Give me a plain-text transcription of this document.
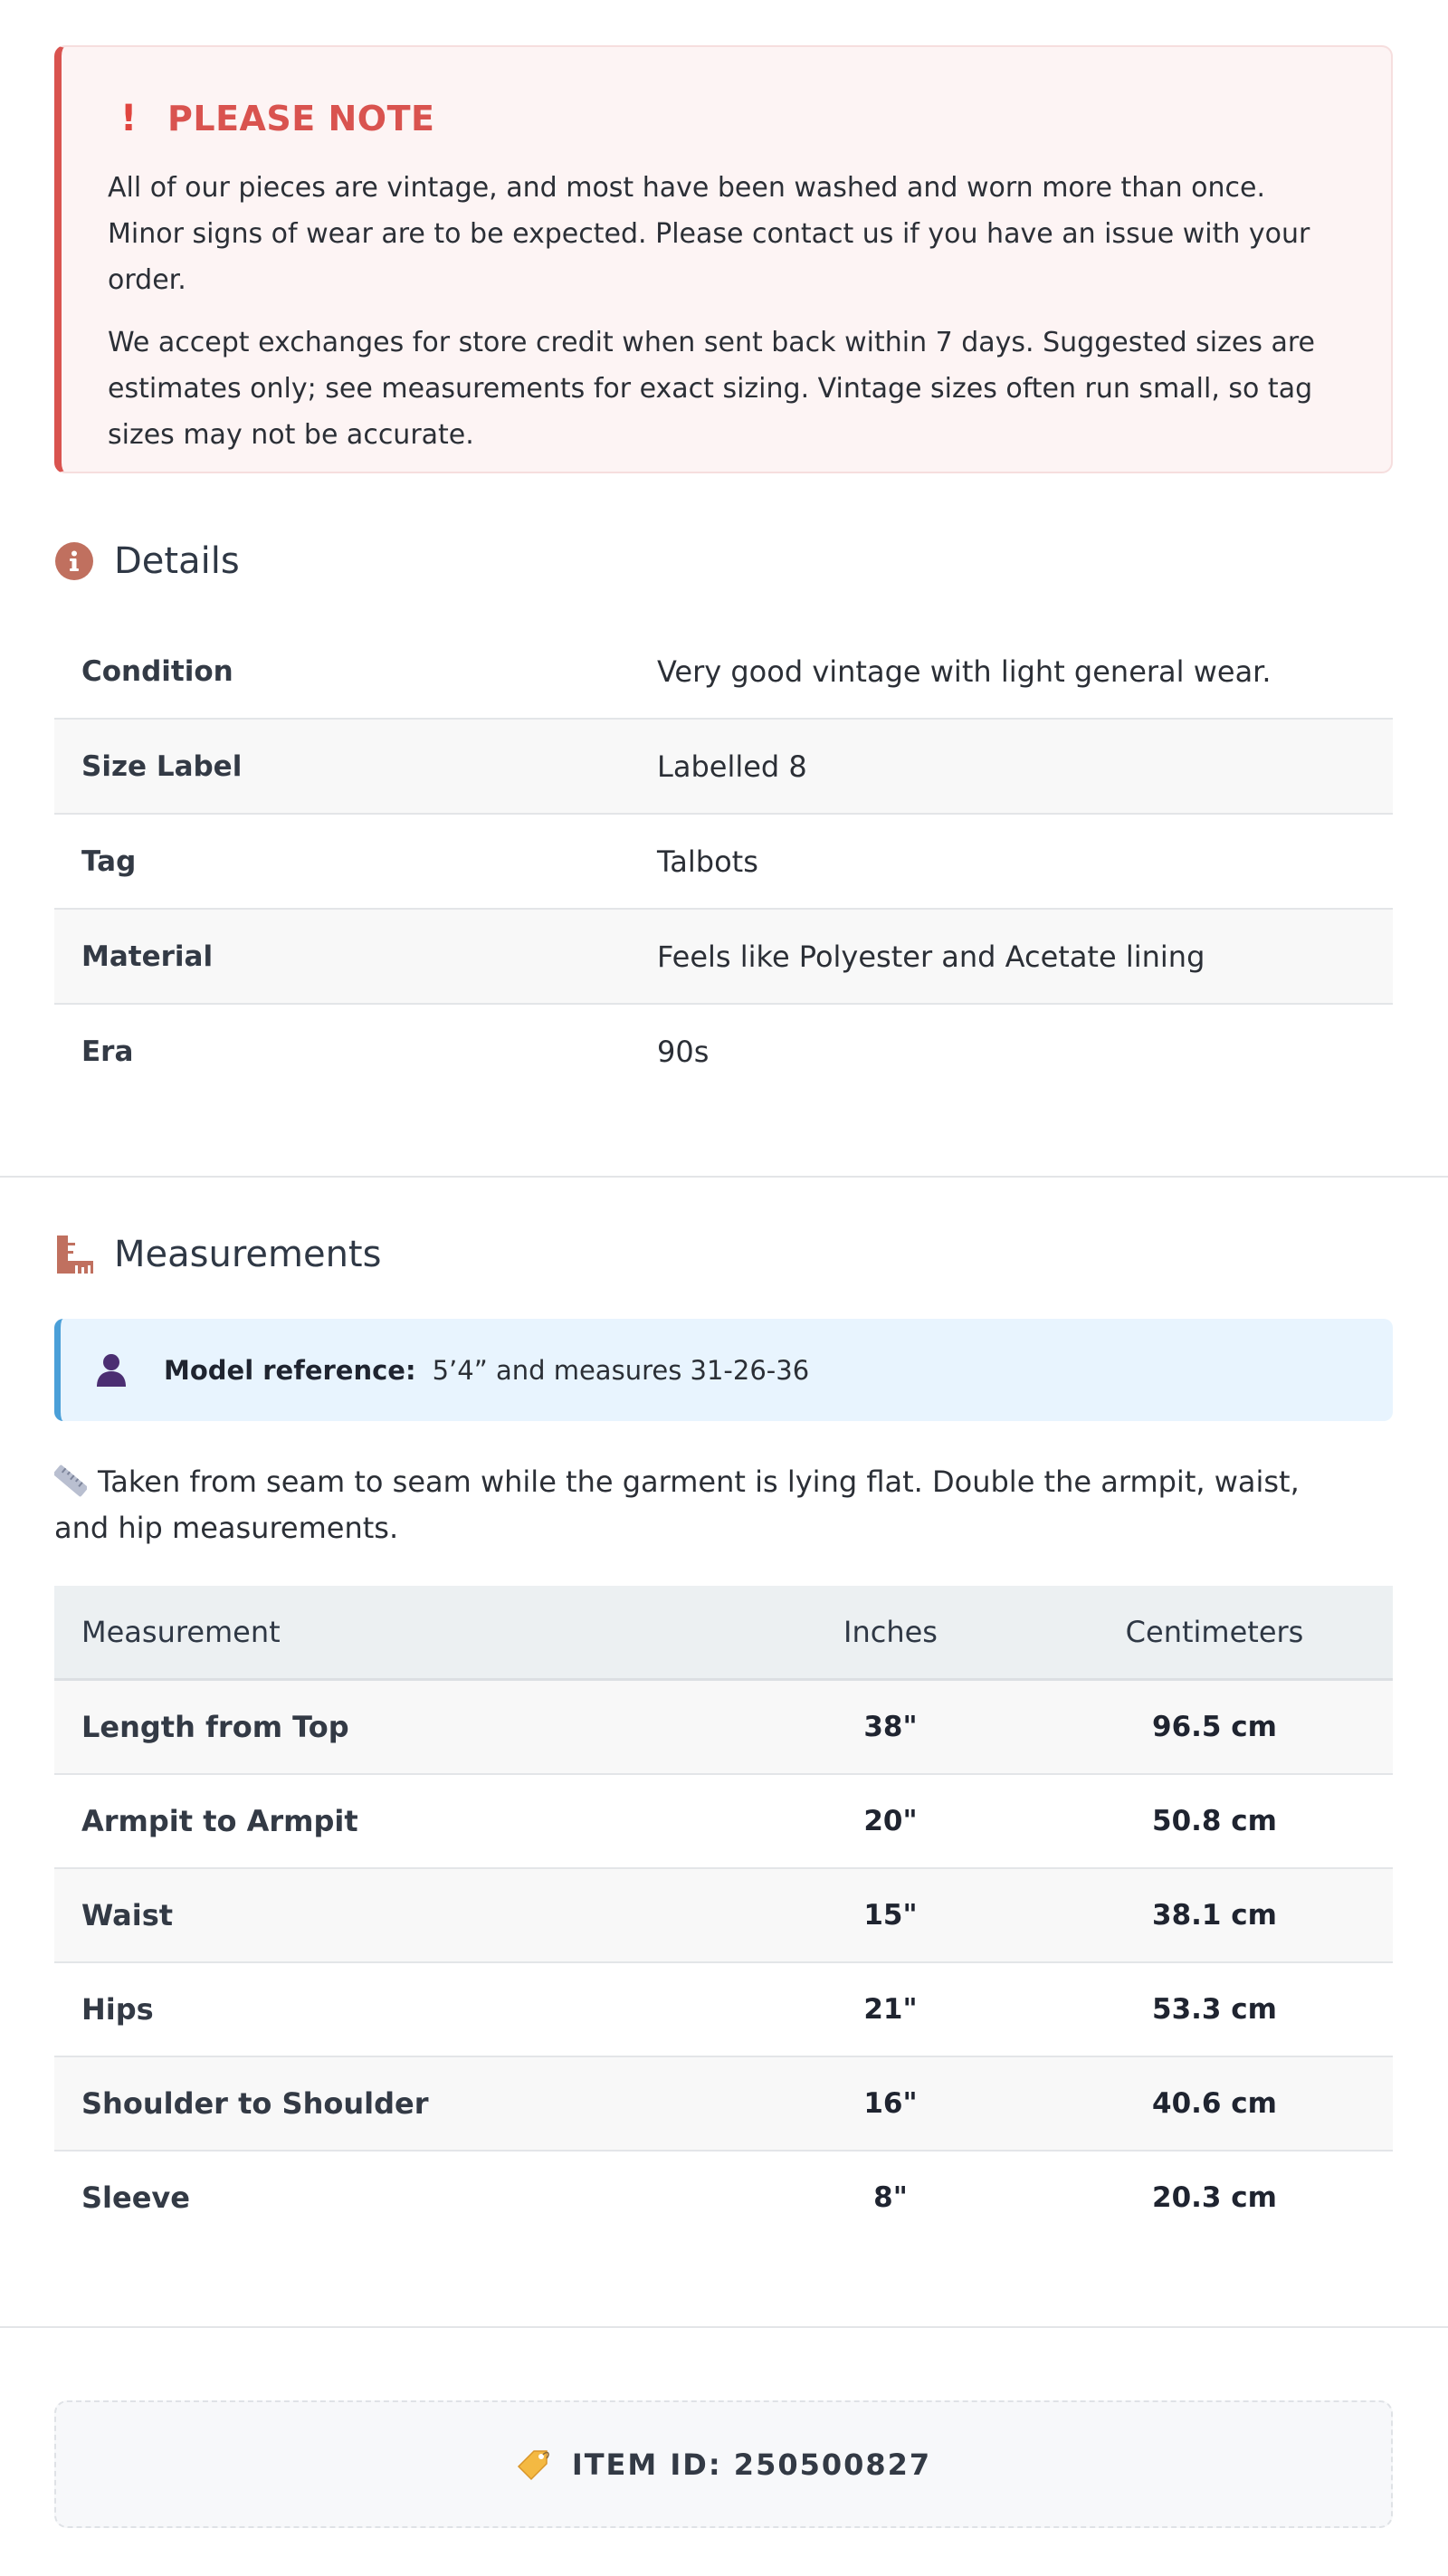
! PLEASE NOTE

All of our pieces are vintage, and most have been washed and worn more than once. Minor signs of wear are to be expected. Please contact us if you have an issue with your order.

We accept exchanges for store credit when sent back within 7 days. Suggested sizes are estimates only; see measurements for exact sizing. Vintage sizes often run small, so tag sizes may not be accurate.

Details
Condition	Very good vintage with light general wear.
Size Label	Labelled 8
Tag	Talbots
Material	Feels like Polyester and Acetate lining
Era	90s
Measurements
Model reference: 5’4” and measures 31-26-36
Taken from seam to seam while the garment is lying flat. Double the armpit, waist, and hip measurements.
Measurement	Inches	Centimeters
Length from Top	38"	96.5 cm
Armpit to Armpit	20"	50.8 cm
Waist	15"	38.1 cm
Hips	21"	53.3 cm
Shoulder to Shoulder	16"	40.6 cm
Sleeve	8"	20.3 cm
ITEM ID: 250500827
